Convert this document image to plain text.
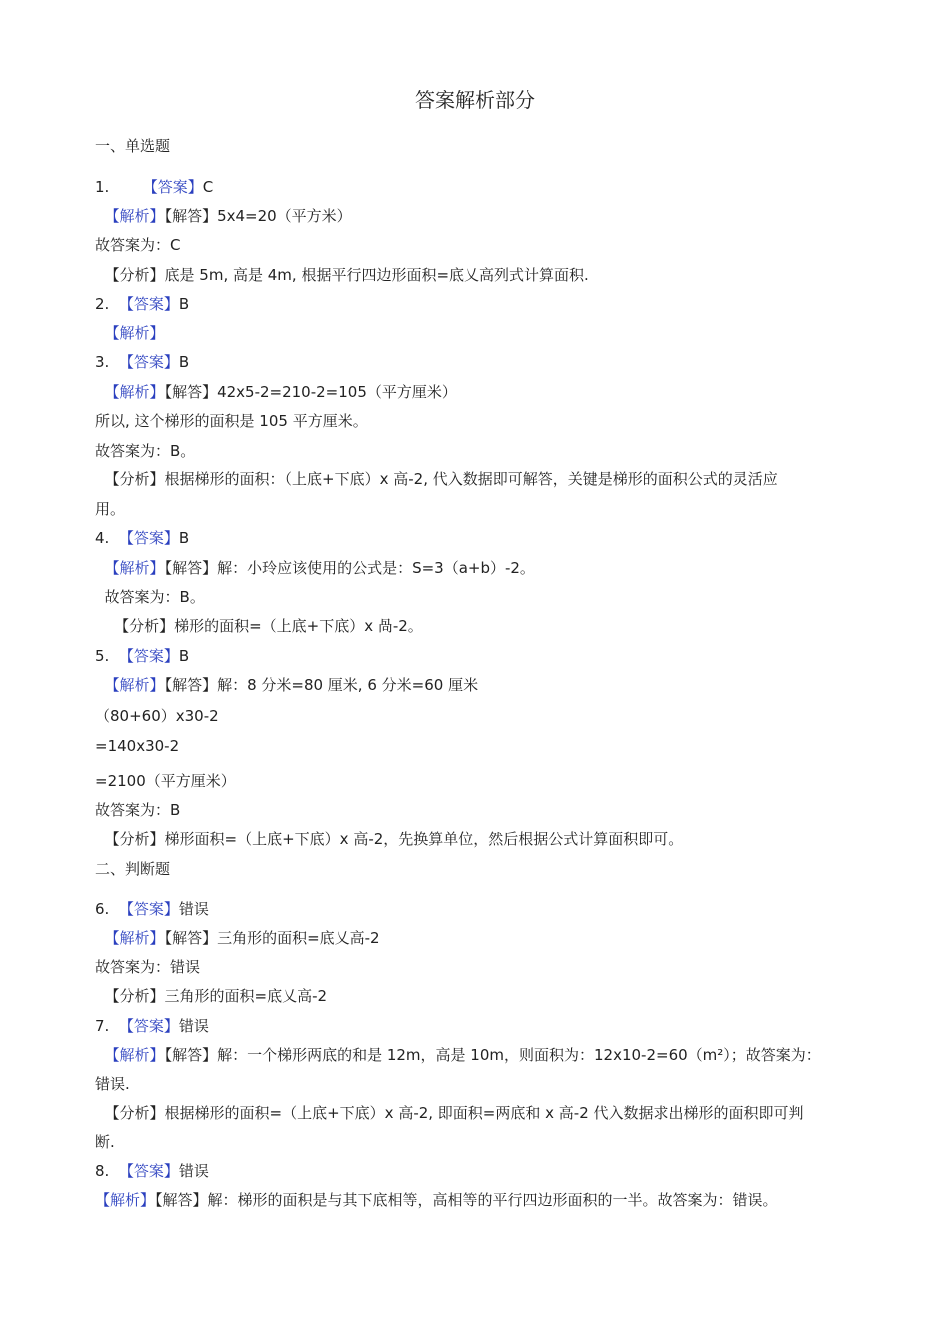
答案解析部分
一、单选题
1.       【答案】C
【解析】【解答】5x4=20（平方米）
故答案为：C
【分析】底是 5m, 高是 4m, 根据平行四边形面积=底乂高列式计算面积.
2.  【答案】B
【解析】
3.  【答案】B
【解析】【解答】42x5-2=210-2=105（平方厘米）
所以, 这个梯形的面积是 105 平方厘米。
故答案为：B。
【分析】根据梯形的面积：（上底+下底）x 高-2, 代入数据即可解答，关键是梯形的面积公式的灵活应
用。
4.  【答案】B
【解析】【解答】解：小玲应该使用的公式是：S=3（a+b）-2。
故答案为：B。
【分析】梯形的面积=（上底+下底）x 咼-2。
5.  【答案】B
【解析】【解答】解：8 分米=80 厘米, 6 分米=60 厘米
（80+60）x30-2
=140x30-2
=2100（平方厘米）
故答案为：B
【分析】梯形面积=（上底+下底）x 高-2，先换算单位，然后根据公式计算面积即可。
二、判断题
6.  【答案】错误
【解析】【解答】三角形的面积=底乂高-2
故答案为：错误
【分析】三角形的面积=底乂高-2
7.  【答案】错误
【解析】【解答】解：一个梯形两底的和是 12m，高是 10m，则面积为：12x10-2=60（m²）；故答案为：
错误.
【分析】根据梯形的面积=（上底+下底）x 高-2, 即面积=两底和 x 高-2 代入数据求出梯形的面积即可判
断.
8.  【答案】错误
【解析】【解答】解：梯形的面积是与其下底相等，高相等的平行四边形面积的一半。故答案为：错误。
